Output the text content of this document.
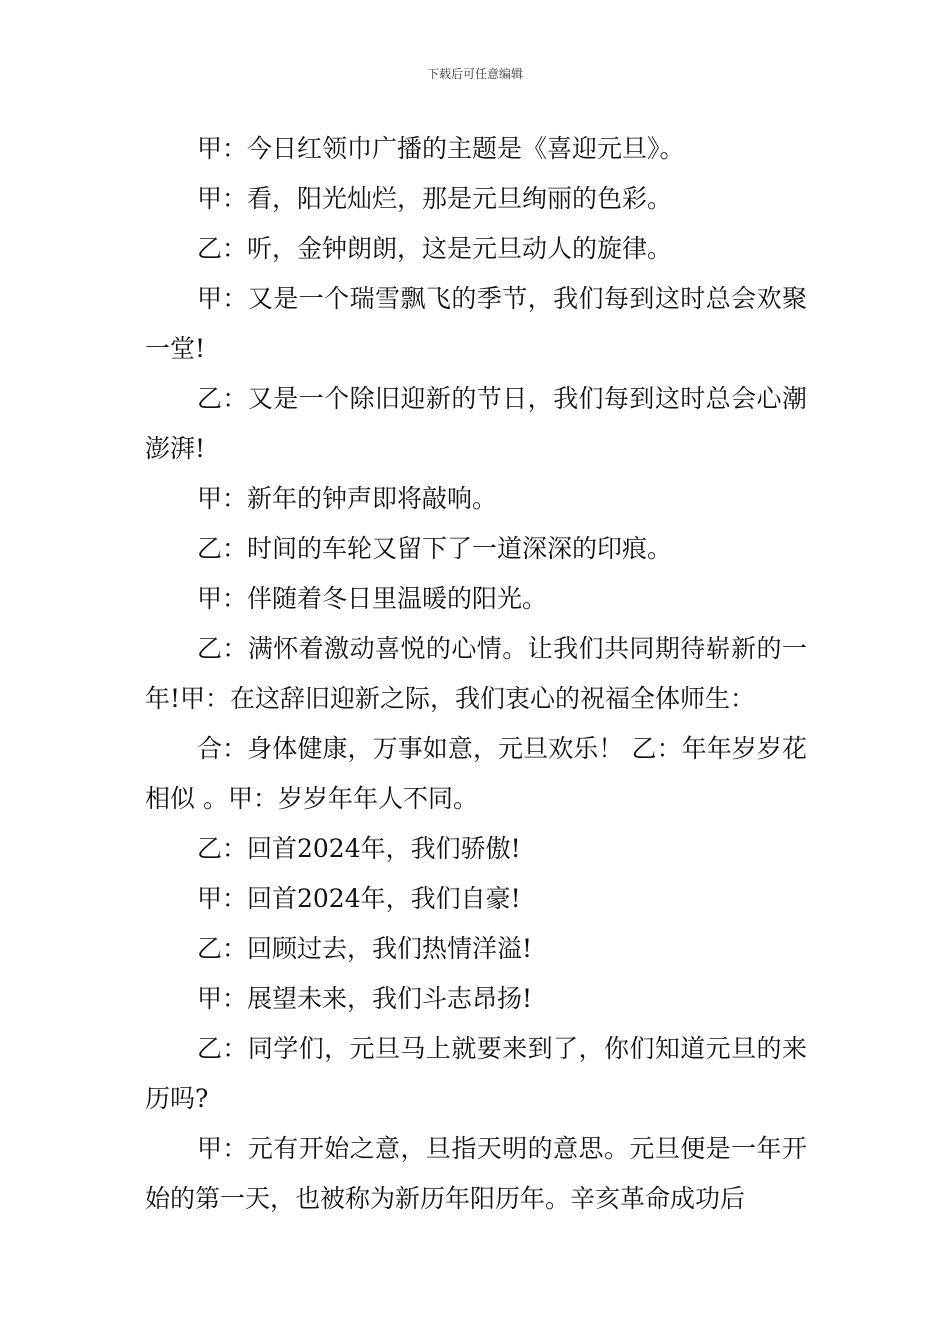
下载后可任意编辑

甲：今日红领巾广播的主题是《喜迎元旦》。

甲：看，阳光灿烂，那是元旦绚丽的色彩。

乙：听，金钟朗朗，这是元旦动人的旋律。

甲：又是一个瑞雪飘飞的季节，我们每到这时总会欢聚一堂!

乙：又是一个除旧迎新的节日，我们每到这时总会心潮澎湃!

甲：新年的钟声即将敲响。

乙：时间的车轮又留下了一道深深的印痕。

甲：伴随着冬日里温暖的阳光。

乙：满怀着激动喜悦的心情。让我们共同期待崭新的一年!甲：在这辞旧迎新之际，我们衷心的祝福全体师生：

合：身体健康，万事如意，元旦欢乐！ 乙：年年岁岁花相似 。甲：岁岁年年人不同。

乙：回首2024年，我们骄傲!

甲：回首2024年，我们自豪!

乙：回顾过去，我们热情洋溢!

甲：展望未来，我们斗志昂扬!

乙：同学们，元旦马上就要来到了，你们知道元旦的来历吗?

甲：元有开始之意，旦指天明的意思。元旦便是一年开始的第一天，也被称为新历年阳历年。辛亥革命成功后
